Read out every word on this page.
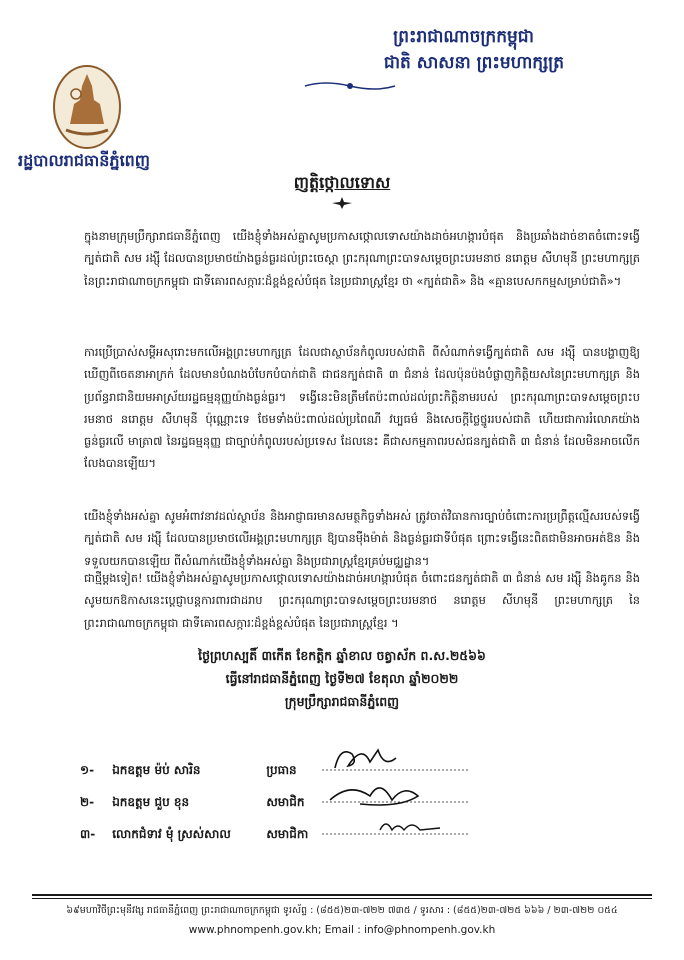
ព្រះរាជាណាចក្រកម្ពុជា
ជាតិ សាសនា ព្រះមហាក្សត្រ
រដ្ឋបាលរាជធានីភ្នំពេញ
ញត្តិថ្កោលទោស
ក្នុងនាមក្រុមប្រឹក្សារាជធានីភ្នំពេញ យើងខ្ញុំទាំងអស់គ្នាសូមប្រកាសថ្កោលទោសយ៉ាងដាច់អហង្ការបំផុត និងប្រឆាំងដាច់ខាតចំពោះទង្វើក្បត់ជាតិ សម រង្ស៊ី ដែលបានប្រមាថយ៉ាងធ្ងន់ធ្ងរដល់ព្រះចេស្តា ព្រះករុណាព្រះបាទសម្តេចព្រះបរមនាថ នរោត្តម សីហមុនី ព្រះមហាក្សត្រ នៃព្រះរាជាណាចក្រកម្ពុជា ជាទីគោរពសក្ការៈដ៏ខ្ពង់ខ្ពស់បំផុត នៃប្រជារាស្ត្រខ្មែរ ថា «ក្បត់ជាតិ» និង «គ្មានបេសកកម្មសម្រាប់ជាតិ»។
ការប្រើប្រាស់សម្តីអសុរោះមកលើអង្គព្រះមហាក្សត្រ ដែលជាស្ថាប័នកំពូលរបស់ជាតិ ពីសំណាក់ទង្វើក្បត់ជាតិ សម រង្ស៊ី បានបង្ហាញឱ្យឃើញពីចេតនាអាក្រក់ ដែលមានបំណងបំបែកបំបាក់ជាតិ ជាជនក្បត់ជាតិ ៣ ជំនាន់ ដែលប៉ុនប៉ងបំផ្លាញកិត្តិយសនៃព្រះមហាក្សត្រ និងប្រព័ន្ធរាជានិយមអាស្រ័យរដ្ឋធម្មនុញ្ញយ៉ាងធ្ងន់ធ្ងរ។ ទង្វើនេះមិនត្រឹមតែប៉ះពាល់ដល់ព្រះកិត្តិនាមរបស់ ព្រះករុណាព្រះបាទសម្តេចព្រះបរមនាថ នរោត្តម សីហមុនី ប៉ុណ្ណោះទេ ថែមទាំងប៉ះពាល់ដល់ប្រពៃណី វប្បធម៌ និងសេចក្តីថ្លៃថ្នូររបស់ជាតិ ហើយជាការរំលោភយ៉ាងធ្ងន់ធ្ងរលើ មាត្រា៧ នៃរដ្ឋធម្មនុញ្ញ ជាច្បាប់កំពូលរបស់ប្រទេស ដែលនេះ គឺជាសកម្មភាពរបស់ជនក្បត់ជាតិ ៣ ជំនាន់ ដែលមិនអាចលើកលែងបានឡើយ។
យើងខ្ញុំទាំងអស់គ្នា សូមអំពាវនាវដល់ស្ថាប័ន និងអាជ្ញាធរមានសមត្ថកិច្ចទាំងអស់ ត្រូវចាត់វិធានការច្បាប់ចំពោះការប្រព្រឹត្តល្មើសរបស់ទង្វើក្បត់ជាតិ សម រង្ស៊ី ដែលបានប្រមាថលើអង្គព្រះមហាក្សត្រ ឱ្យបានម៉ឺងម៉ាត់ និងធ្ងន់ធ្ងរជាទីបំផុត ព្រោះទង្វើនេះពិតជាមិនអាចអត់ឱន និងទទួលយកបានឡើយ ពីសំណាក់យើងខ្ញុំទាំងអស់គ្នា និងប្រជារាស្ត្រខ្មែរគ្រប់មជ្ឈដ្ឋាន។
ជាថ្មីម្តងទៀត! យើងខ្ញុំទាំងអស់គ្នាសូមប្រកាសថ្កោលទោសយ៉ាងដាច់អហង្ការបំផុត ចំពោះជនក្បត់ជាតិ ៣ ជំនាន់ សម រង្ស៊ី និងគូកន និងសូមយកឱកាសនេះប្តេជ្ញាបន្តការពារជាដរាប ព្រះករុណាព្រះបាទសម្តេចព្រះបរមនាថ នរោត្តម សីហមុនី ព្រះមហាក្សត្រ នៃព្រះរាជាណាចក្រកម្ពុជា ជាទីគោរពសក្ការៈដ៏ខ្ពង់ខ្ពស់បំផុត នៃប្រជារាស្ត្រខ្មែរ ។
ថ្ងៃព្រហស្បតិ៍ ៣កើត ខែកត្តិក ឆ្នាំខាល ចត្វាស័ក ព.ស.២៥៦៦
ធ្វើនៅរាជធានីភ្នំពេញ ថ្ងៃទី២៧ ខែតុលា ឆ្នាំ២០២២
ក្រុមប្រឹក្សារាជធានីភ្នំពេញ
១- ឯកឧត្តម ម៉ប់ សារិន	ប្រធាន
២- ឯកឧត្តម ជួប ខុន	សមាជិក
៣- លោកជំទាវ មុំ ស្រស់សាល	សមាជិកា
៦៩មហាវិថីព្រះមុនីវង្ស រាជធានីភ្នំពេញ ព្រះរាជាណាចក្រកម្ពុជា ទូរស័ព្ទ : (៨៥៥)២៣-៧២២ ៧៣៥ / ទូរសារ : (៨៥៥)២៣-៧២៥ ៦៦៦ / ២៣-៧២២ ០៥៤
www.phnompenh.gov.kh; Email : info@phnompenh.gov.kh
